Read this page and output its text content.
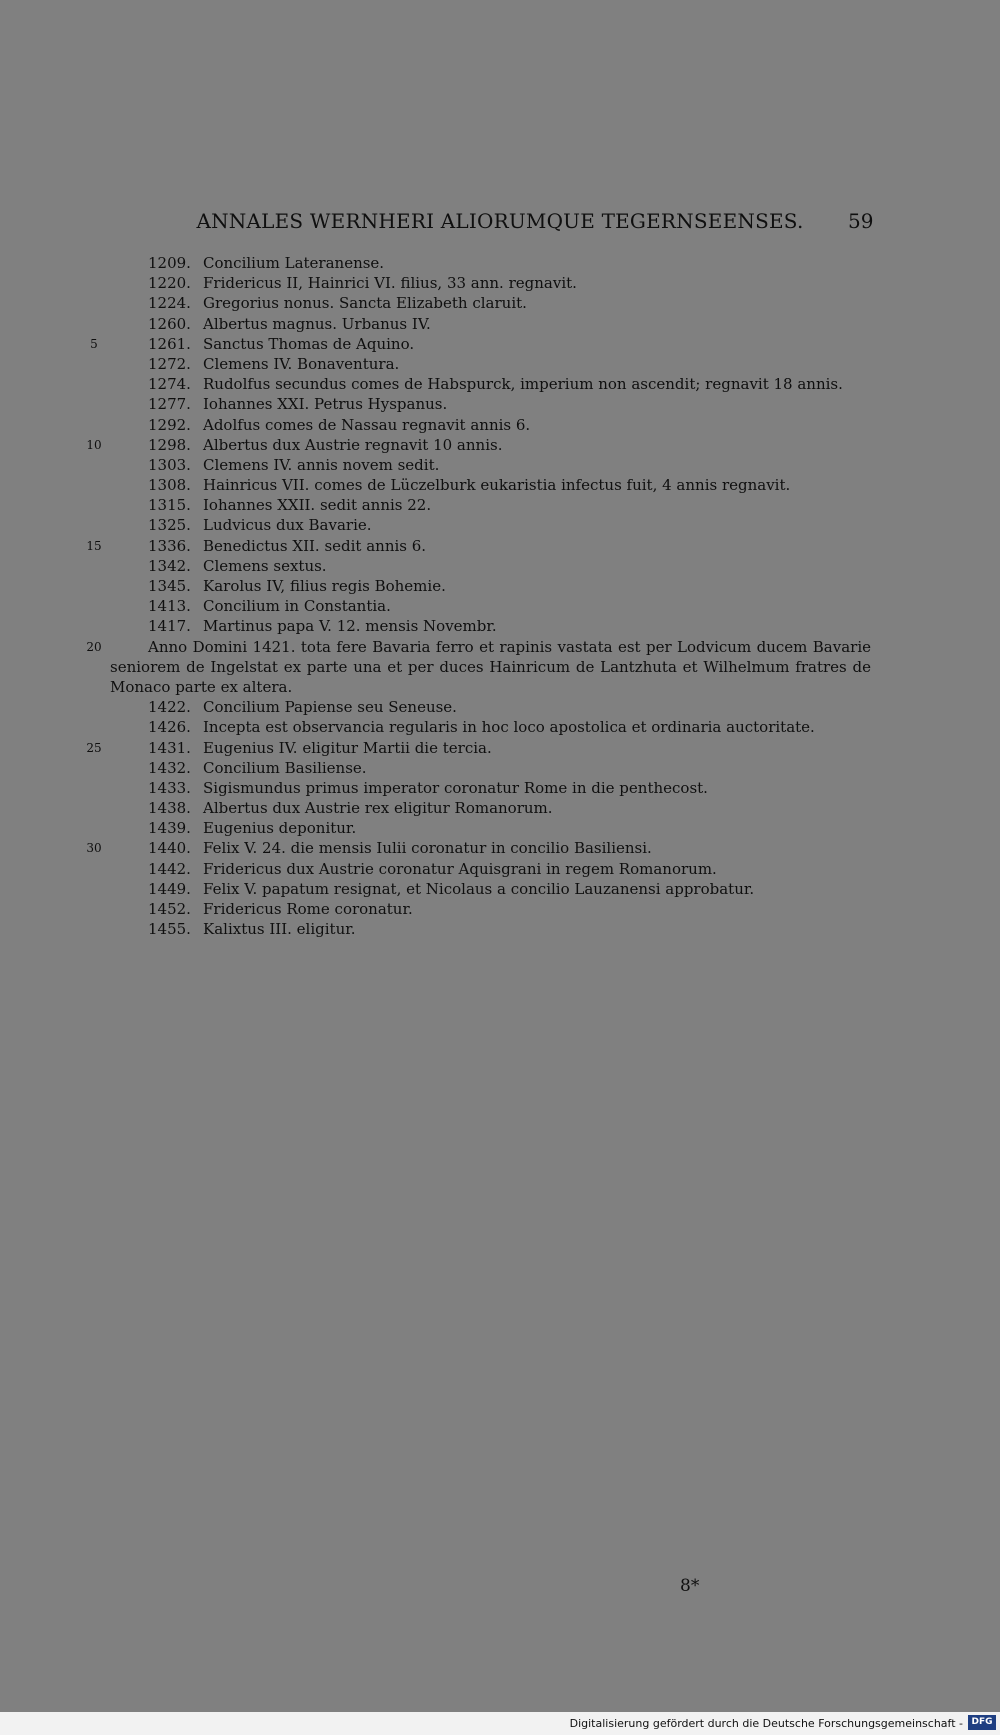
ANNALES WERNHERI ALIORUMQUE TEGERNSEENSES.	59
1209. Concilium Lateranense.
1220. Fridericus II, Hainrici VI. filius, 33 ann. regnavit.
1224. Gregorius nonus. Sancta Elizabeth claruit.
1260. Albertus magnus. Urbanus IV.
5	1261. Sanctus Thomas de Aquino.
1272. Clemens IV. Bonaventura.
1274. Rudolfus secundus comes de Habspurck, imperium non ascendit; regnavit 18 annis.
1277. Iohannes XXI. Petrus Hyspanus.
1292. Adolfus comes de Nassau regnavit annis 6.
10	1298. Albertus dux Austrie regnavit 10 annis.
1303. Clemens IV. annis novem sedit.
1308. Hainricus VII. comes de Lüczelburk eukaristia infectus fuit, 4 annis regnavit.
1315. Iohannes XXII. sedit annis 22.
1325. Ludvicus dux Bavarie.
15	1336. Benedictus XII. sedit annis 6.
1342. Clemens sextus.
1345. Karolus IV, filius regis Bohemie.
1413. Concilium in Constantia.
1417. Martinus papa V. 12. mensis Novembr.
20	Anno Domini 1421. tota fere Bavaria ferro et rapinis vastata est per Lodvicum ducem Bavarie seniorem de Ingelstat ex parte una et per duces Hainricum de Lantzhuta et Wilhelmum fratres de Monaco parte ex altera.
1422. Concilium Papiense seu Seneuse.
1426. Incepta est observancia regularis in hoc loco apostolica et ordinaria auctoritate.
25	1431. Eugenius IV. eligitur Martii die tercia.
1432. Concilium Basiliense.
1433. Sigismundus primus imperator coronatur Rome in die penthecost.
1438. Albertus dux Austrie rex eligitur Romanorum.
1439. Eugenius deponitur.
30	1440. Felix V. 24. die mensis Iulii coronatur in concilio Basiliensi.
1442. Fridericus dux Austrie coronatur Aquisgrani in regem Romanorum.
1449. Felix V. papatum resignat, et Nicolaus a concilio Lauzanensi approbatur.
1452. Fridericus Rome coronatur.
1455. Kalixtus III. eligitur.
8*
Digitalisierung gefördert durch die Deutsche Forschungsgemeinschaft - DFG
